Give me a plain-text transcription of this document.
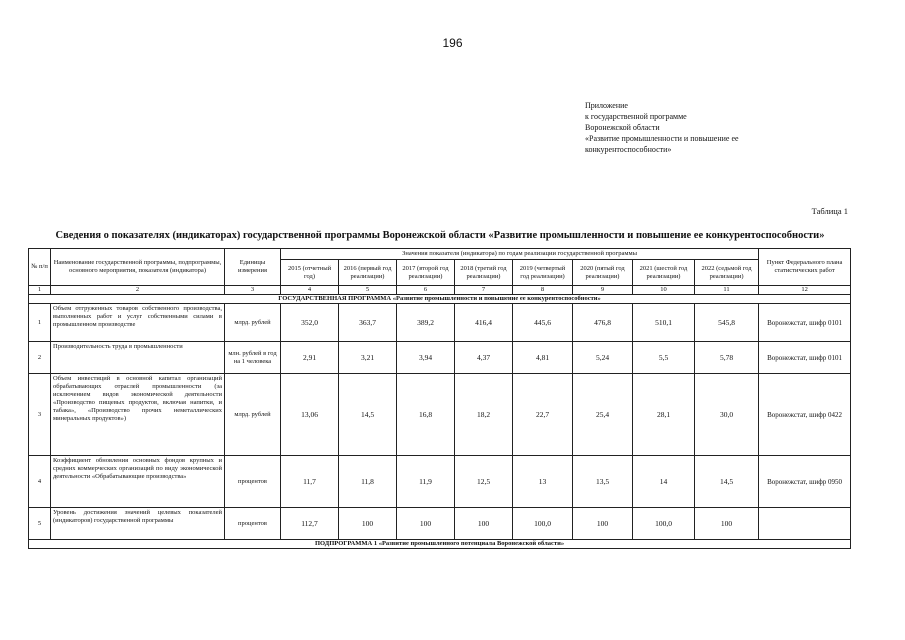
196
Приложение
к государственной программе
Воронежской области
«Развитие промышленности и повышение ее
конкурентоспособности»
Таблица 1
Сведения о показателях (индикаторах) государственной программы Воронежской области «Развитие промышленности и повышение ее конкурентоспособности»
№ п/п	Наименование государственной программы, подпрограммы, основного мероприятия, показателя (индикатора)	Единицы измерения	Значения показателя (индикатора) по годам реализации государственной программы								Пункт Федерального плана статистических работ
			2015 (отчетный год)	2016 (первый год реализации)	2017 (второй год реализации)	2018 (третий год реализации)	2019 (четвертый год реализации)	2020 (пятый год реализации)	2021 (шестой год реализации)	2022 (седьмой год реализации)	
1	2	3	4	5	6	7	8	9	10	11	12
ГОСУДАРСТВЕННАЯ ПРОГРАММА «Развитие промышленности и повышение ее конкурентоспособности»											
1	Объем отгруженных товаров собственного производства, выполненных работ и услуг собственными силами в промышленном производстве	млрд. рублей	352,0	363,7	389,2	416,4	445,6	476,8	510,1	545,8	Воронежстат, шифр 0101
2	Производительность труда в промышленности	млн. рублей в год на 1 человека	2,91	3,21	3,94	4,37	4,81	5,24	5,5	5,78	Воронежстат, шифр 0101
3	Объем инвестиций в основной капитал организаций обрабатывающих отраслей промышленности (за исключением видов экономической деятельности «Производство пищевых продуктов, включая напитки, и табака», «Производство прочих неметаллических минеральных продуктов»)	млрд. рублей	13,06	14,5	16,8	18,2	22,7	25,4	28,1	30,0	Воронежстат, шифр 0422
4	Коэффициент обновления основных фондов крупных и средних коммерческих организаций по виду экономической деятельности «Обрабатывающие производства»	процентов	11,7	11,8	11,9	12,5	13	13,5	14	14,5	Воронежстат, шифр 0950
5	Уровень достижения значений целевых показателей (индикаторов) государственной программы	процентов	112,7	100	100	100	100,0	100	100,0	100	
ПОДПРОГРАММА 1 «Развитие промышленного потенциала Воронежской области»											
